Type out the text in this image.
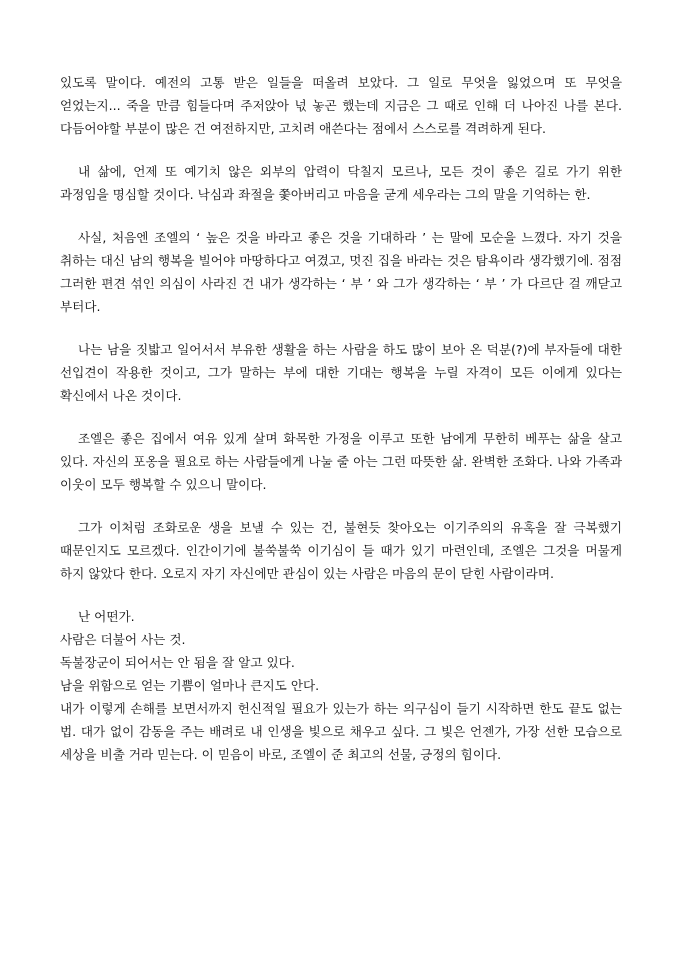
있도록 말이다. 예전의 고통 받은 일들을 떠올려 보았다. 그 일로 무엇을 잃었으며 또 무엇을 얻었는지... 죽을 만큼 힘들다며 주저앉아 넋 놓곤 했는데 지금은 그 때로 인해 더 나아진 나를 본다. 다듬어야할 부분이 많은 건 여전하지만, 고치려 애쓴다는 점에서 스스로를 격려하게 된다.

내 삶에, 언제 또 예기치 않은 외부의 압력이 닥칠지 모르나, 모든 것이 좋은 길로 가기 위한 과정임을 명심할 것이다. 낙심과 좌절을 쫓아버리고 마음을 굳게 세우라는 그의 말을 기억하는 한.

사실, 처음엔 조엘의 ‘ 높은 것을 바라고 좋은 것을 기대하라 ’ 는 말에 모순을 느꼈다. 자기 것을 취하는 대신 남의 행복을 빌어야 마땅하다고 여겼고, 멋진 집을 바라는 것은 탐욕이라 생각했기에. 점점 그러한 편견 섞인 의심이 사라진 건 내가 생각하는 ‘ 부 ’ 와 그가 생각하는 ‘ 부 ’ 가 다르단 걸 깨닫고 부터다.

나는 남을 짓밟고 일어서서 부유한 생활을 하는 사람을 하도 많이 보아 온 덕분(?)에 부자들에 대한 선입견이 작용한 것이고, 그가 말하는 부에 대한 기대는 행복을 누릴 자격이 모든 이에게 있다는 확신에서 나온 것이다.

조엘은 좋은 집에서 여유 있게 살며 화목한 가정을 이루고 또한 남에게 무한히 베푸는 삶을 살고 있다. 자신의 포옹을 필요로 하는 사람들에게 나눌 줄 아는 그런 따뜻한 삶. 완벽한 조화다. 나와 가족과 이웃이 모두 행복할 수 있으니 말이다.

그가 이처럼 조화로운 생을 보낼 수 있는 건, 불현듯 찾아오는 이기주의의 유혹을 잘 극복했기 때문인지도 모르겠다. 인간이기에 불쑥불쑥 이기심이 들 때가 있기 마련인데, 조엘은 그것을 머물게 하지 않았다 한다. 오로지 자기 자신에만 관심이 있는 사람은 마음의 문이 닫힌 사람이라며.

난 어떤가.
사람은 더불어 사는 것.
독불장군이 되어서는 안 됨을 잘 알고 있다.
남을 위함으로 얻는 기쁨이 얼마나 큰지도 안다.
내가 이렇게 손해를 보면서까지 헌신적일 필요가 있는가 하는 의구심이 들기 시작하면 한도 끝도 없는 법. 대가 없이 감동을 주는 배려로 내 인생을 빛으로 채우고 싶다. 그 빛은 언젠가, 가장 선한 모습으로 세상을 비출 거라 믿는다. 이 믿음이 바로, 조엘이 준 최고의 선물, 긍정의 힘이다.
